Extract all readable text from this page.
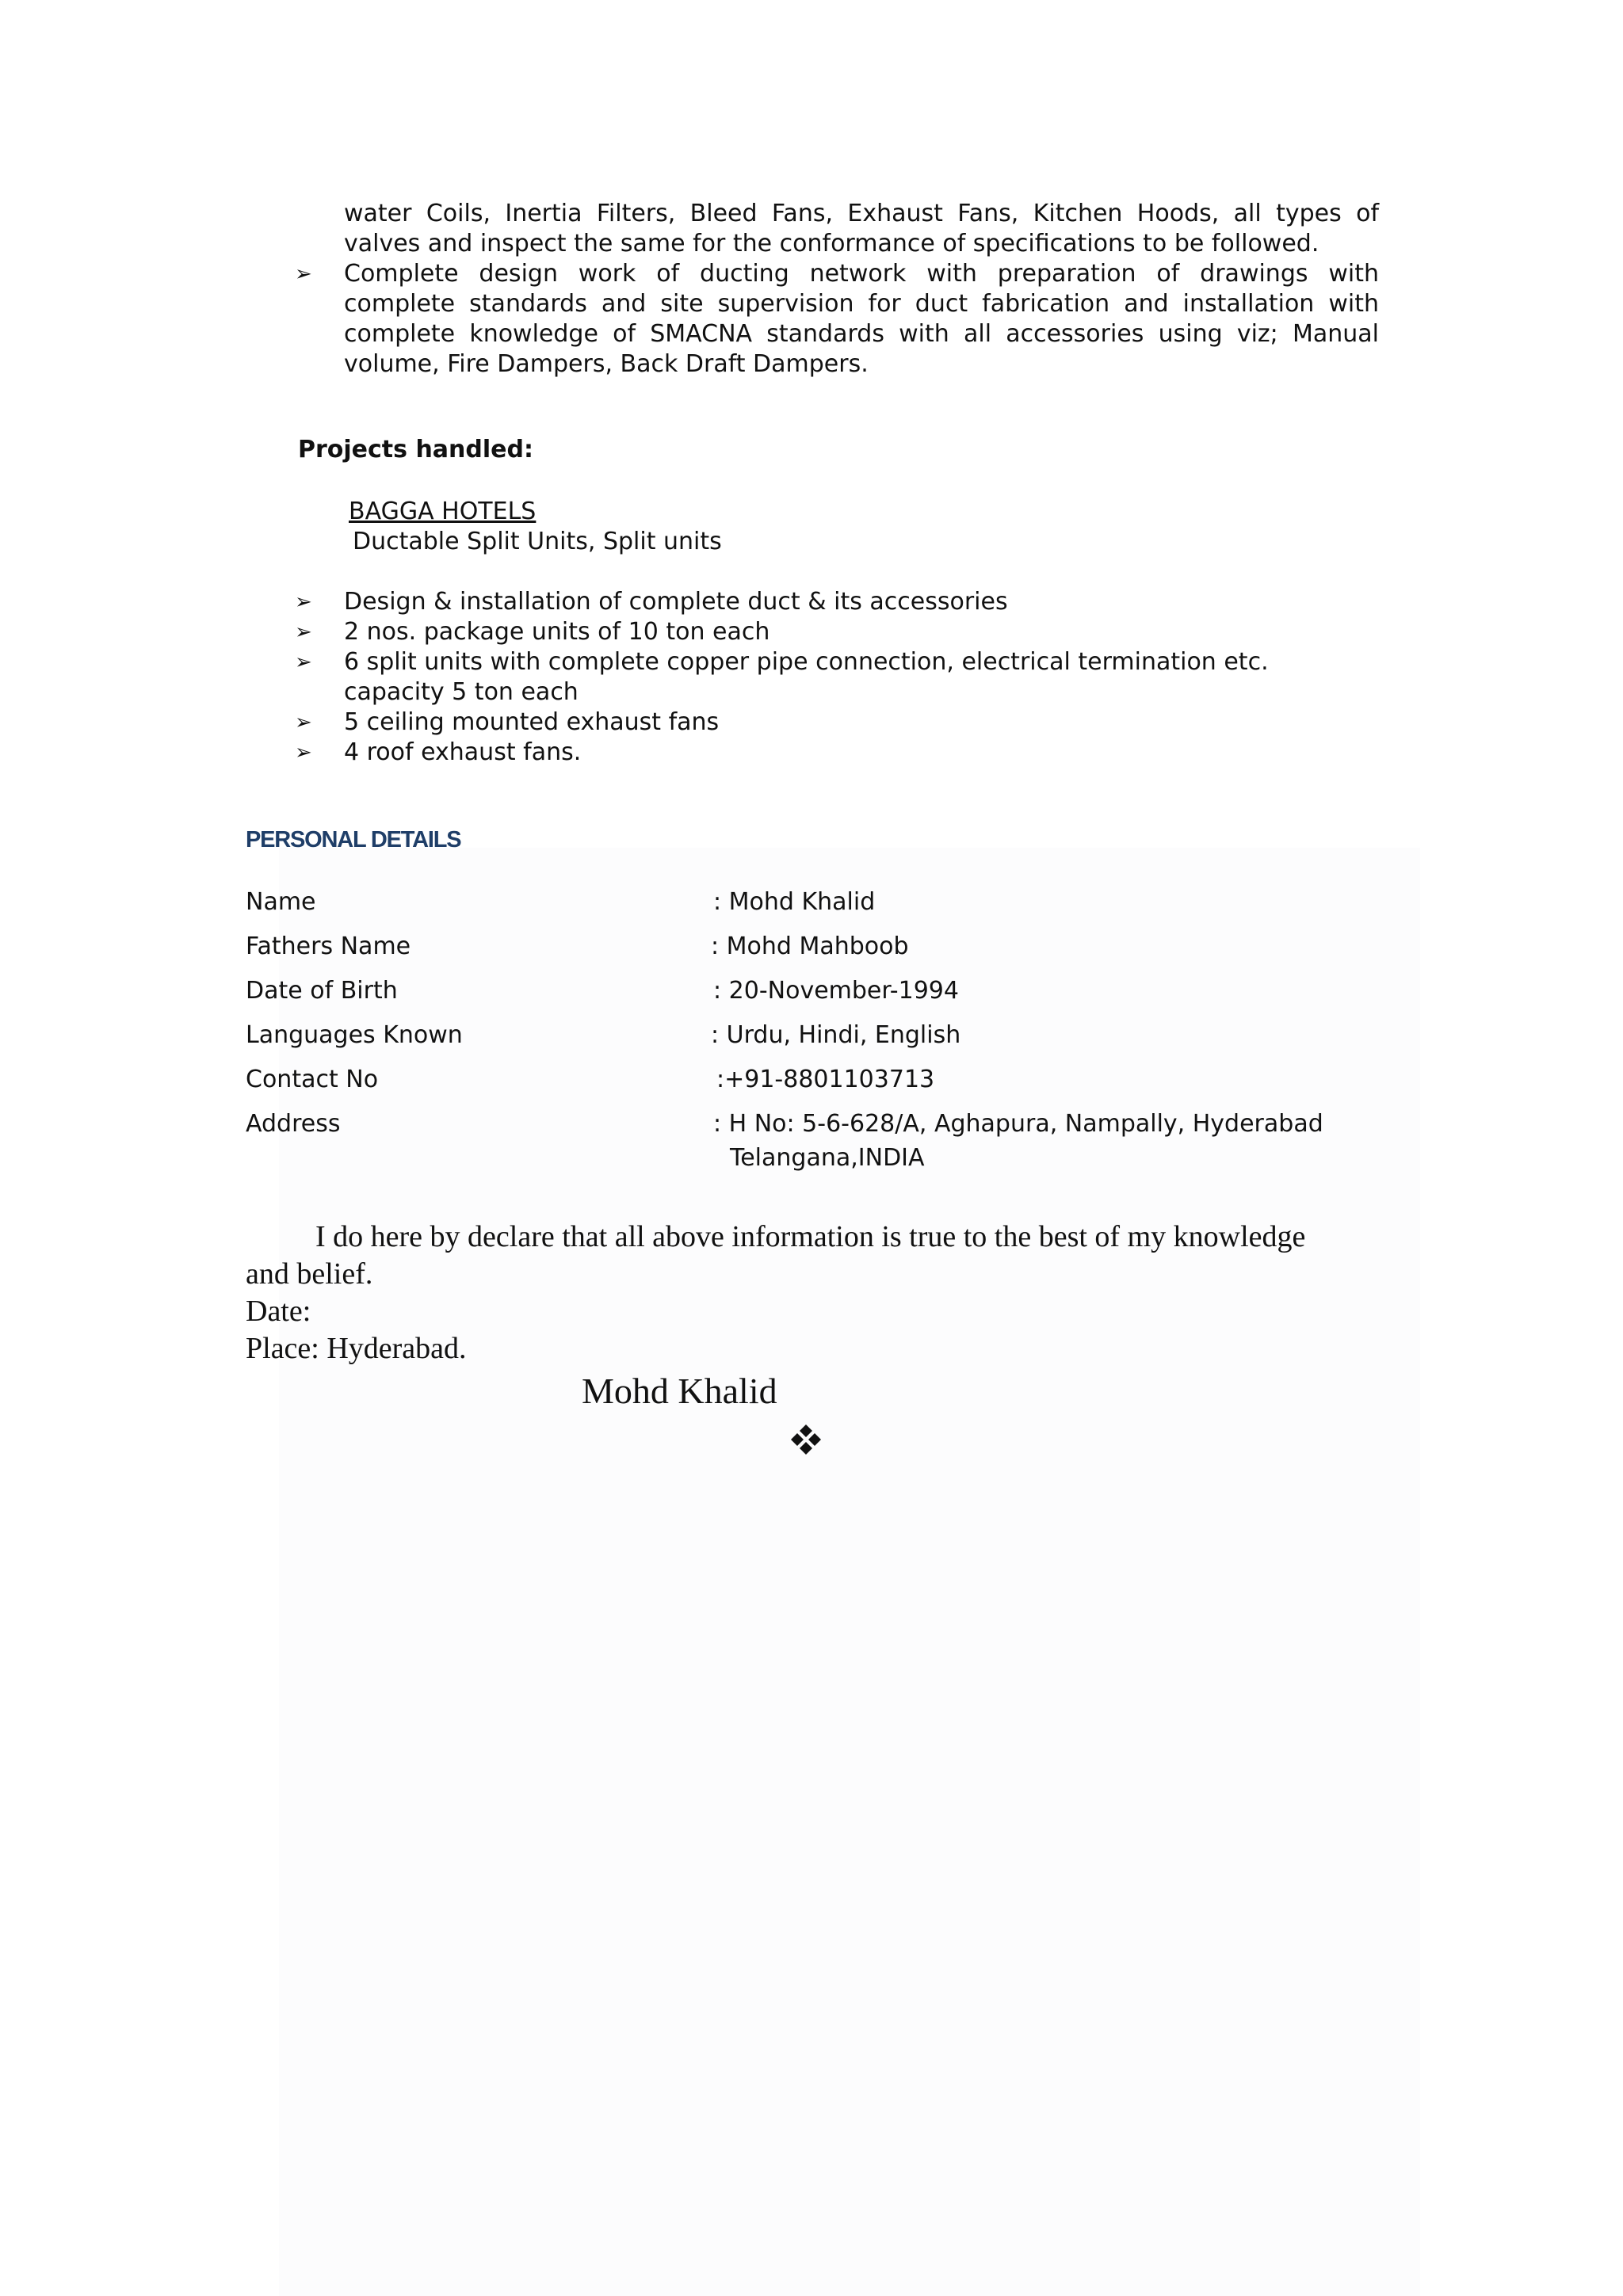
water Coils, Inertia Filters, Bleed Fans, Exhaust Fans, Kitchen Hoods, all types of
valves and inspect the same for the conformance of specifications to be followed.
➢ Complete design work of ducting network with preparation of drawings with
complete standards and site supervision for duct fabrication and installation with
complete knowledge of SMACNA standards with all accessories using viz; Manual
volume, Fire Dampers, Back Draft Dampers.
Projects handled:
BAGGA HOTELS
Ductable Split Units, Split units
➢ Design & installation of complete duct & its accessories
➢ 2 nos. package units of 10 ton each
➢ 6 split units with complete copper pipe connection, electrical termination etc.
capacity 5 ton each
➢ 5 ceiling mounted exhaust fans
➢ 4 roof exhaust fans.
PERSONAL DETAILS
Name	: Mohd Khalid
Fathers Name	: Mohd Mahboob
Date of Birth	: 20-November-1994
Languages Known	: Urdu, Hindi, English
Contact No	:+91-8801103713
Address	: H No: 5-6-628/A, Aghapura, Nampally, Hyderabad
Telangana,INDIA
I do here by declare that all above information is true to the best of my knowledge
and belief.
Date:
Place: Hyderabad.
Mohd Khalid
